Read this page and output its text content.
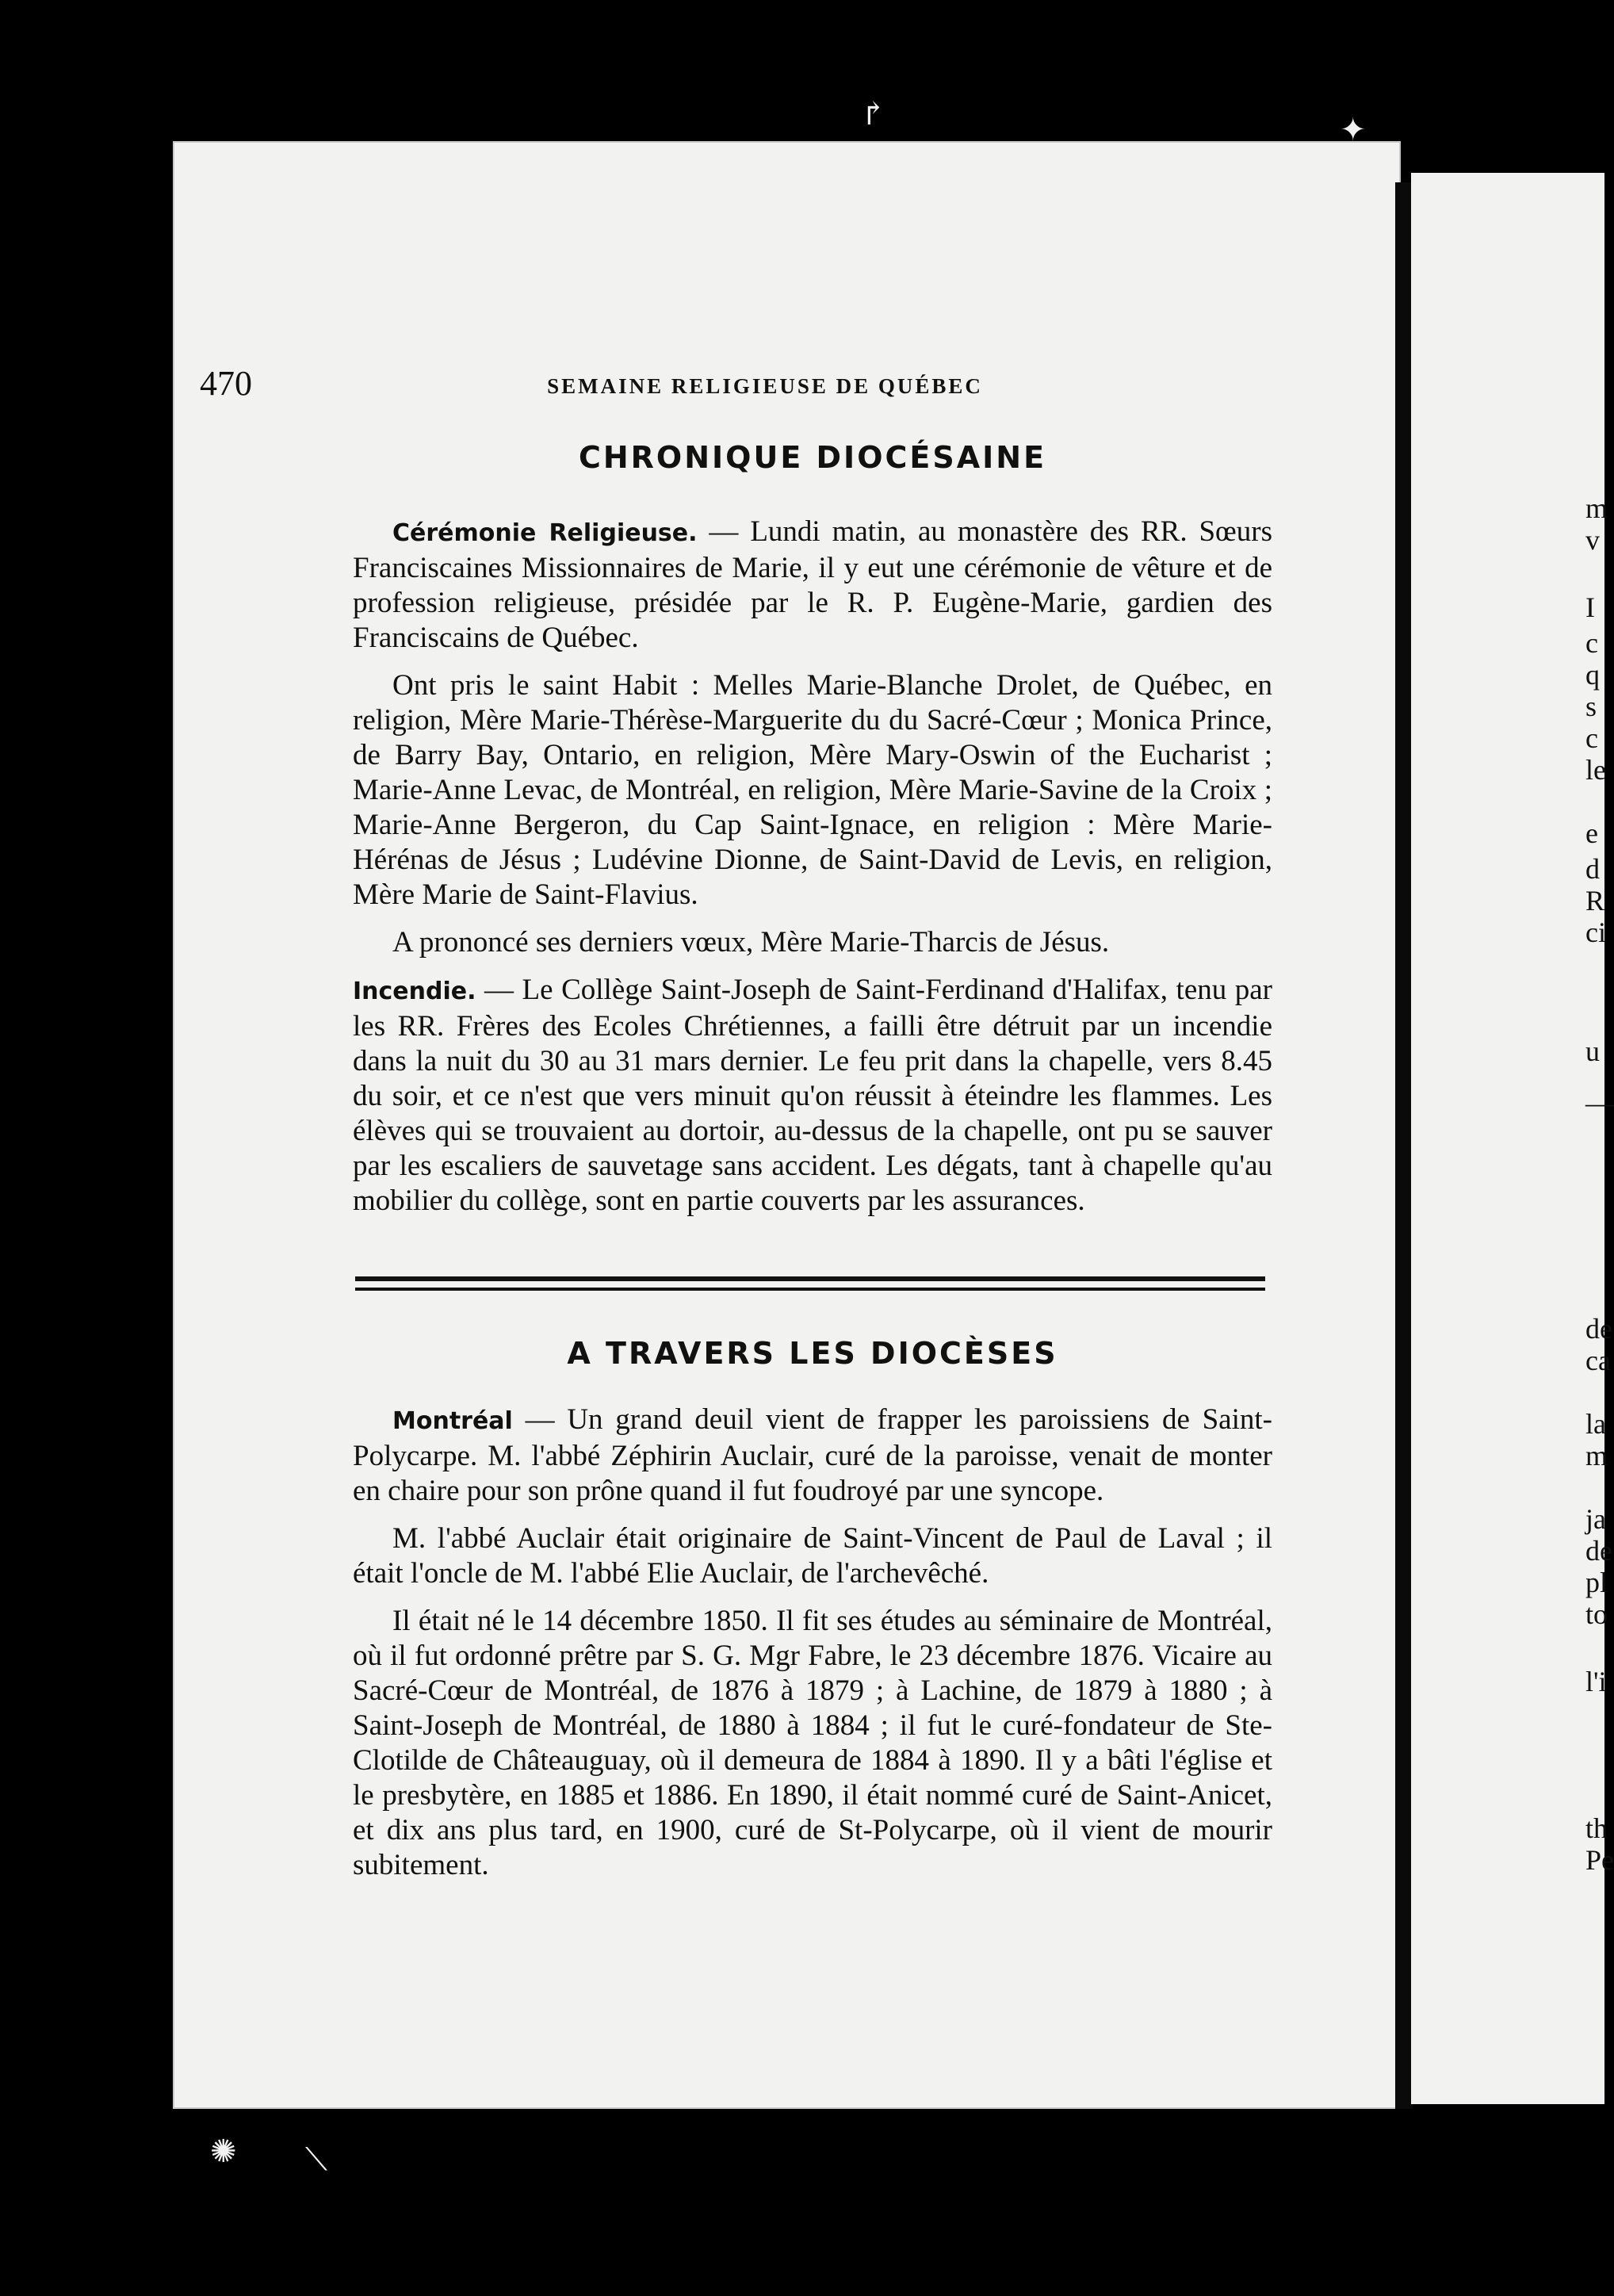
470	SEMAINE RELIGIEUSE DE QUÉBEC
CHRONIQUE DIOCÉSAINE

Cérémonie Religieuse. — Lundi matin, au monastère des RR. Sœurs Franciscaines Missionnaires de Marie, il y eut une cérémonie de vêture et de profession religieuse, présidée par le R. P. Eugène-Marie, gardien des Franciscains de Québec.

Ont pris le saint Habit : Melles Marie-Blanche Drolet, de Québec, en religion, Mère Marie-Thérèse-Marguerite du du Sacré-Cœur ; Monica Prince, de Barry Bay, Ontario, en religion, Mère Mary-Oswin of the Eucharist ; Marie-Anne Levac, de Montréal, en religion, Mère Marie-Savine de la Croix ; Marie-Anne Bergeron, du Cap Saint-Ignace, en religion : Mère Marie-Hérénas de Jésus ; Ludévine Dionne, de Saint-David de Levis, en religion, Mère Marie de Saint-Flavius.

A prononcé ses derniers vœux, Mère Marie-Tharcis de Jésus.

Incendie. — Le Collège Saint-Joseph de Saint-Ferdinand d'Halifax, tenu par les RR. Frères des Ecoles Chrétiennes, a failli être détruit par un incendie dans la nuit du 30 au 31 mars dernier. Le feu prit dans la chapelle, vers 8.45 du soir, et ce n'est que vers minuit qu'on réussit à éteindre les flammes. Les élèves qui se trouvaient au dortoir, au-dessus de la chapelle, ont pu se sauver par les escaliers de sauvetage sans accident. Les dégats, tant à chapelle qu'au mobilier du collège, sont en partie couverts par les assurances.

A TRAVERS LES DIOCÈSES

Montréal — Un grand deuil vient de frapper les paroissiens de Saint-Polycarpe. M. l'abbé Zéphirin Auclair, curé de la paroisse, venait de monter en chaire pour son prône quand il fut foudroyé par une syncope.

M. l'abbé Auclair était originaire de Saint-Vincent de Paul de Laval ; il était l'oncle de M. l'abbé Elie Auclair, de l'archevêché.

Il était né le 14 décembre 1850. Il fit ses études au séminaire de Montréal, où il fut ordonné prêtre par S. G. Mgr Fabre, le 23 décembre 1876. Vicaire au Sacré-Cœur de Montréal, de 1876 à 1879 ; à Lachine, de 1879 à 1880 ; à Saint-Joseph de Montréal, de 1880 à 1884 ; il fut le curé-fondateur de Ste-Clotilde de Châteauguay, où il demeura de 1884 à 1890. Il y a bâti l'église et le presbytère, en 1885 et 1886. En 1890, il était nommé curé de Saint-Anicet, et dix ans plus tard, en 1900, curé de St-Polycarpe, où il vient de mourir subitement.

m
v
I
c
q
s
c
le
e
d
R
ci
u
—
de
ca
la
m
ja
de
pl
to
l'i
th
Pe
↱	✦
✺ ⟍
